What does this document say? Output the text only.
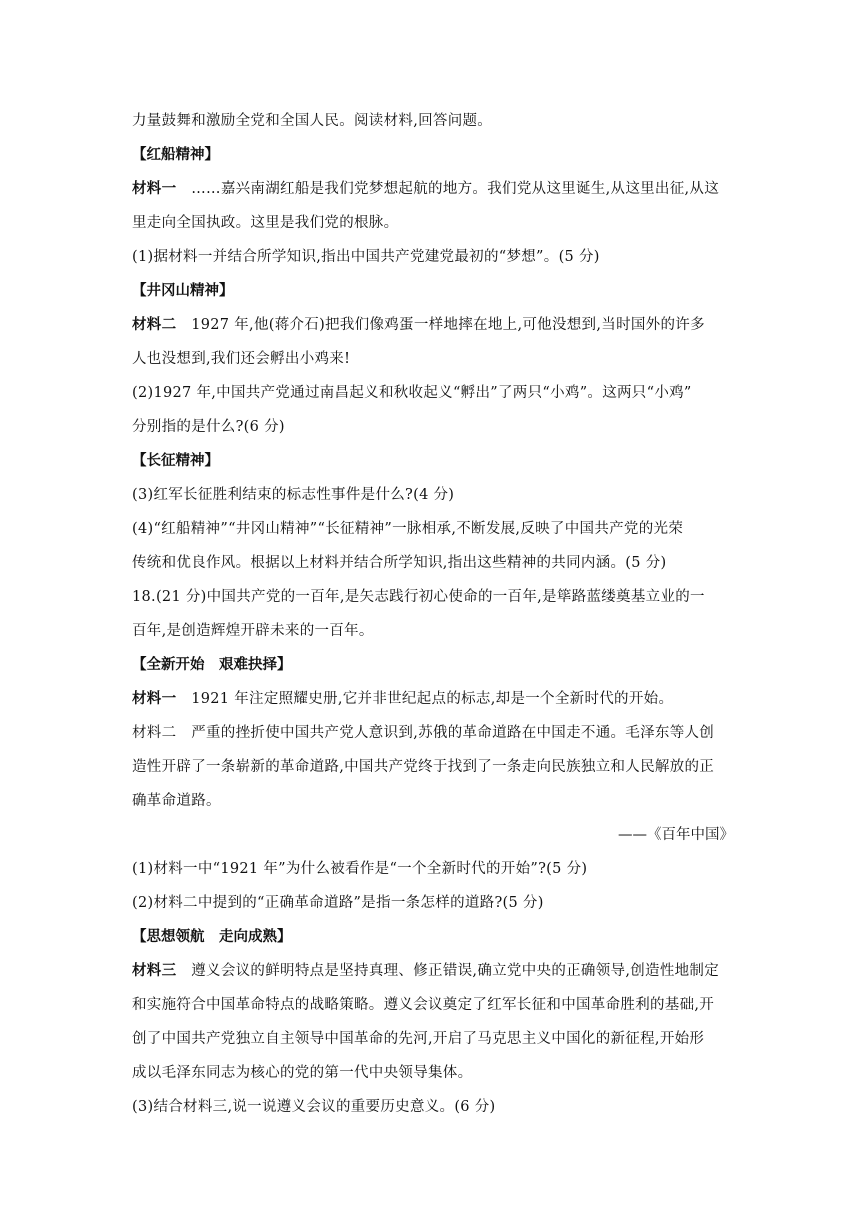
力量鼓舞和激励全党和全国人民。阅读材料,回答问题。
【红船精神】
材料一　 ……嘉兴南湖红船是我们党梦想起航的地方。我们党从这里诞生,从这里出征,从这
里走向全国执政。这里是我们党的根脉。
(1)据材料一并结合所学知识,指出中国共产党建党最初的“梦想”。(5 分)
【井冈山精神】
材料二　 1927 年,他(蒋介石)把我们像鸡蛋一样地摔在地上,可他没想到,当时国外的许多
人也没想到,我们还会孵出小鸡来!
(2)1927 年,中国共产党通过南昌起义和秋收起义“孵出”了两只“小鸡”。这两只“小鸡”
分别指的是什么?(6 分)
【长征精神】
(3)红军长征胜利结束的标志性事件是什么?(4 分)
(4)“红船精神”“井冈山精神”“长征精神”一脉相承,不断发展,反映了中国共产党的光荣
传统和优良作风。根据以上材料并结合所学知识,指出这些精神的共同内涵。(5 分)
18.(21 分)中国共产党的一百年,是矢志践行初心使命的一百年,是筚路蓝缕奠基立业的一
百年,是创造辉煌开辟未来的一百年。
【全新开始　艰难抉择】
材料一　 1921 年注定照耀史册,它并非世纪起点的标志,却是一个全新时代的开始。
材料二　严重的挫折使中国共产党人意识到,苏俄的革命道路在中国走不通。毛泽东等人创
造性开辟了一条崭新的革命道路,中国共产党终于找到了一条走向民族独立和人民解放的正
确革命道路。
——《百年中国》
(1)材料一中“1921 年”为什么被看作是“一个全新时代的开始”?(5 分)
(2)材料二中提到的“正确革命道路”是指一条怎样的道路?(5 分)
【思想领航　走向成熟】
材料三　 遵义会议的鲜明特点是坚持真理、修正错误,确立党中央的正确领导,创造性地制定
和实施符合中国革命特点的战略策略。遵义会议奠定了红军长征和中国革命胜利的基础,开
创了中国共产党独立自主领导中国革命的先河,开启了马克思主义中国化的新征程,开始形
成以毛泽东同志为核心的党的第一代中央领导集体。
(3)结合材料三,说一说遵义会议的重要历史意义。(6 分)
